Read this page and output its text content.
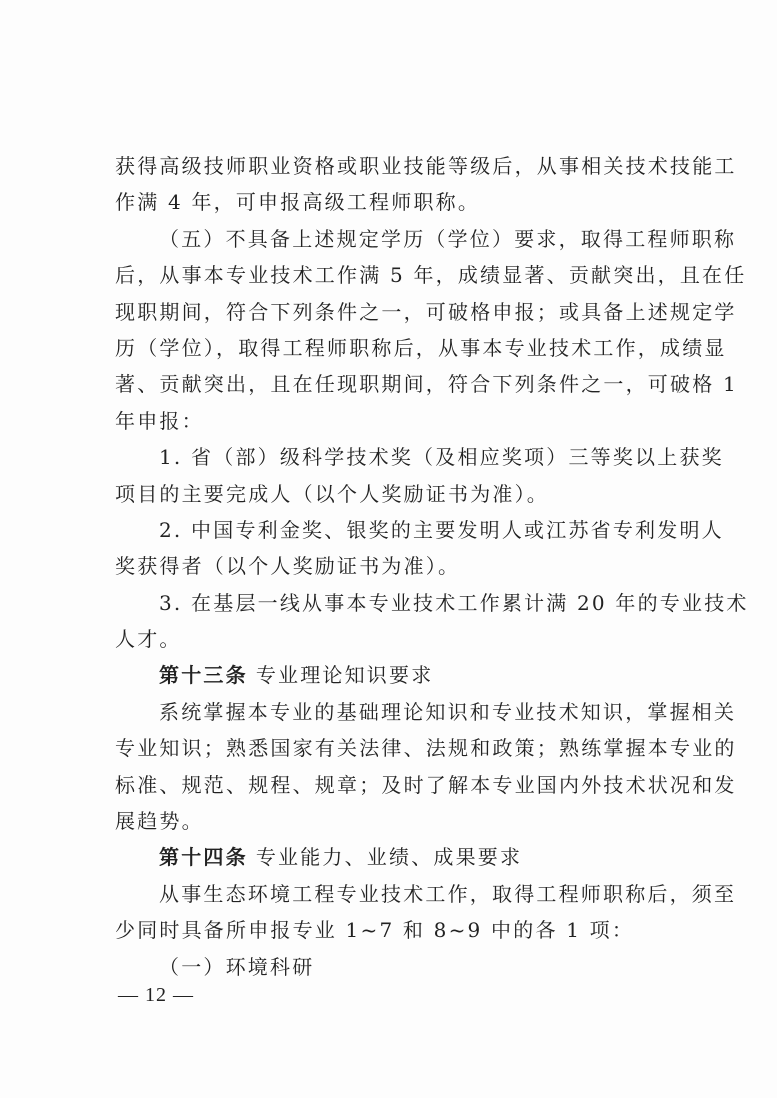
获得高级技师职业资格或职业技能等级后，从事相关技术技能工
作满 4 年，可申报高级工程师职称。
（五）不具备上述规定学历（学位）要求，取得工程师职称
后，从事本专业技术工作满 5 年，成绩显著、贡献突出，且在任
现职期间，符合下列条件之一，可破格申报；或具备上述规定学
历（学位），取得工程师职称后，从事本专业技术工作，成绩显
著、贡献突出，且在任现职期间，符合下列条件之一，可破格 1
年申报：
1. 省（部）级科学技术奖（及相应奖项）三等奖以上获奖
项目的主要完成人（以个人奖励证书为准）。
2. 中国专利金奖、银奖的主要发明人或江苏省专利发明人
奖获得者（以个人奖励证书为准）。
3. 在基层一线从事本专业技术工作累计满 20 年的专业技术
人才。
第十三条 专业理论知识要求
系统掌握本专业的基础理论知识和专业技术知识，掌握相关
专业知识；熟悉国家有关法律、法规和政策；熟练掌握本专业的
标准、规范、规程、规章；及时了解本专业国内外技术状况和发
展趋势。
第十四条 专业能力、业绩、成果要求
从事生态环境工程专业技术工作，取得工程师职称后，须至
少同时具备所申报专业 1~7 和 8~9 中的各 1 项：
（一）环境科研
— 12 —
